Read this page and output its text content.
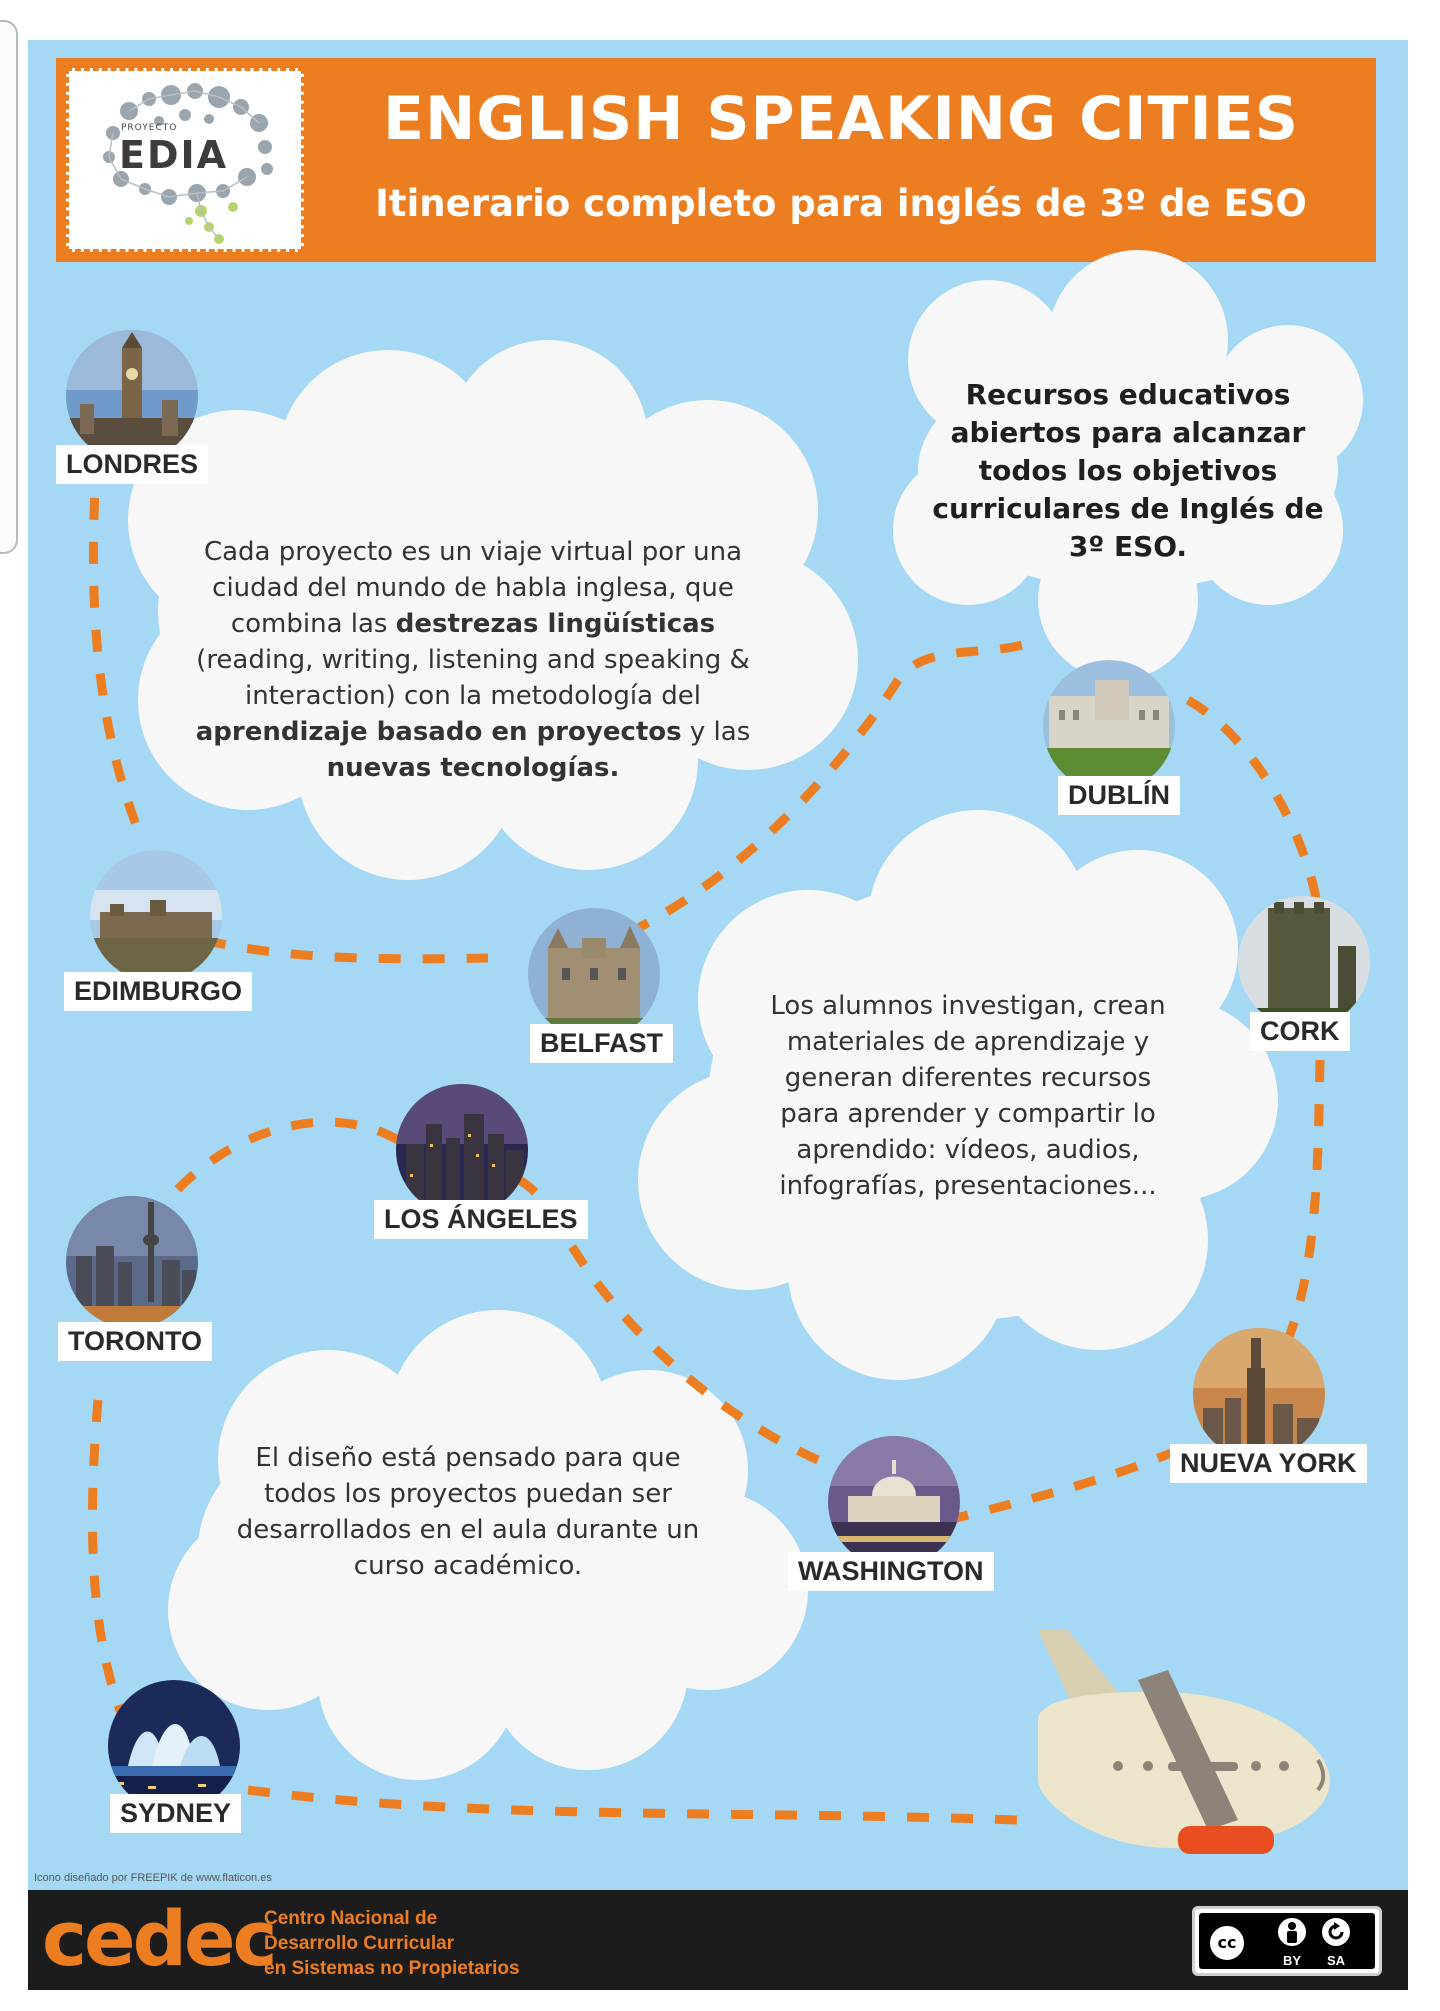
PROYECTO
EDIA
ENGLISH SPEAKING CITIES
Itinerario completo para inglés de 3º de ESO
Cada proyecto es un viaje virtual por una ciudad del mundo de habla inglesa, que combina las destrezas lingüísticas (reading, writing, listening and speaking & interaction) con la metodología del aprendizaje basado en proyectos y las nuevas tecnologías.
Recursos educativos abiertos para alcanzar todos los objetivos curriculares de Inglés de 3º ESO.
Los alumnos investigan, crean materiales de aprendizaje y generan diferentes recursos para aprender y compartir lo aprendido: vídeos, audios, infografías, presentaciones...
El diseño está pensado para que todos los proyectos puedan ser desarrollados en el aula durante un curso académico.
LONDRES
EDIMBURGO
BELFAST
DUBLÍN
CORK
NUEVA YORK
WASHINGTON
LOS ÁNGELES
TORONTO
SYDNEY
Icono diseñado por FREEPIK de www.flaticon.es
cedec
Centro Nacional de
Desarrollo Curricular
en Sistemas no Propietarios
cc
BY SA
